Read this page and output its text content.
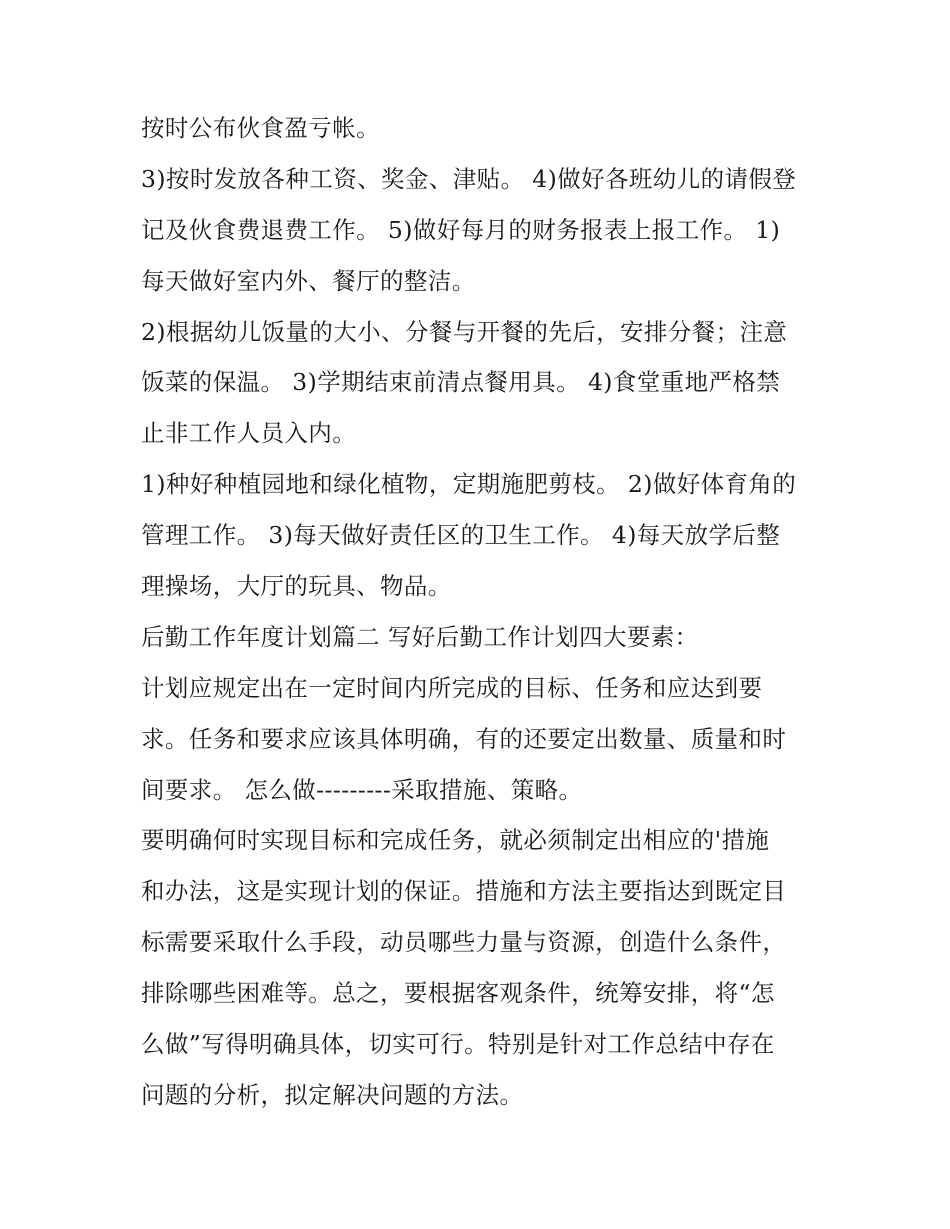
按时公布伙食盈亏帐。
3)按时发放各种工资、奖金、津贴。 4)做好各班幼儿的请假登
记及伙食费退费工作。 5)做好每月的财务报表上报工作。 1)
每天做好室内外、餐厅的整洁。
2)根据幼儿饭量的大小、分餐与开餐的先后，安排分餐；注意
饭菜的保温。 3)学期结束前清点餐用具。 4)食堂重地严格禁
止非工作人员入内。
1)种好种植园地和绿化植物，定期施肥剪枝。 2)做好体育角的
管理工作。 3)每天做好责任区的卫生工作。 4)每天放学后整
理操场，大厅的玩具、物品。
后勤工作年度计划篇二 写好后勤工作计划四大要素：
计划应规定出在一定时间内所完成的目标、任务和应达到要
求。任务和要求应该具体明确，有的还要定出数量、质量和时
间要求。 怎么做---------采取措施、策略。
要明确何时实现目标和完成任务，就必须制定出相应的'措施
和办法，这是实现计划的保证。措施和方法主要指达到既定目
标需要采取什么手段，动员哪些力量与资源，创造什么条件，
排除哪些困难等。总之，要根据客观条件，统筹安排，将“怎
么做”写得明确具体，切实可行。特别是针对工作总结中存在
问题的分析，拟定解决问题的方法。
